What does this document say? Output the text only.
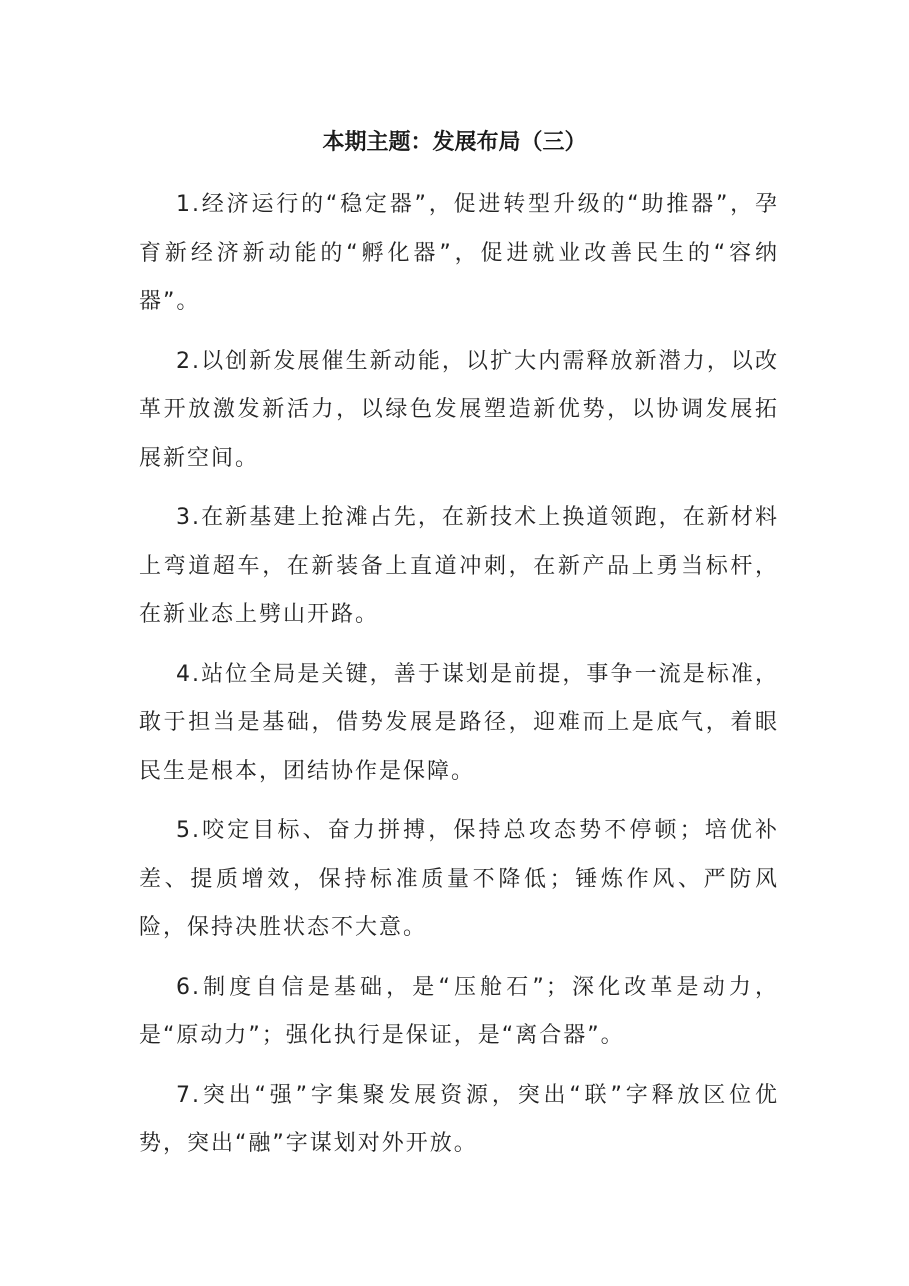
本期主题：发展布局（三）

1.经济运行的“稳定器”，促进转型升级的“助推器”，孕育新经济新动能的“孵化器”，促进就业改善民生的“容纳器”。

2.以创新发展催生新动能，以扩大内需释放新潜力，以改革开放激发新活力，以绿色发展塑造新优势，以协调发展拓展新空间。

3.在新基建上抢滩占先，在新技术上换道领跑，在新材料上弯道超车，在新装备上直道冲刺，在新产品上勇当标杆，在新业态上劈山开路。

4.站位全局是关键，善于谋划是前提，事争一流是标准，敢于担当是基础，借势发展是路径，迎难而上是底气，着眼民生是根本，团结协作是保障。

5.咬定目标、奋力拼搏，保持总攻态势不停顿；培优补差、提质增效，保持标准质量不降低；锤炼作风、严防风险，保持决胜状态不大意。

6.制度自信是基础，是“压舱石”；深化改革是动力，是“原动力”；强化执行是保证，是“离合器”。

7.突出“强”字集聚发展资源，突出“联”字释放区位优势，突出“融”字谋划对外开放。
